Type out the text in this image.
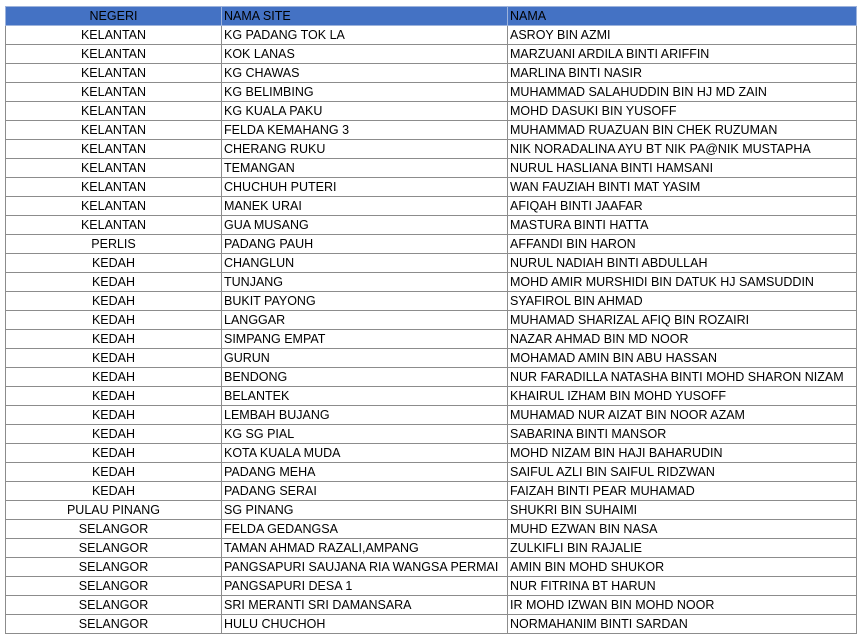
NEGERI	NAMA SITE	NAMA
KELANTAN	KG PADANG TOK LA	ASROY BIN AZMI
KELANTAN	KOK LANAS	MARZUANI ARDILA BINTI ARIFFIN
KELANTAN	KG CHAWAS	MARLINA BINTI NASIR
KELANTAN	KG BELIMBING	MUHAMMAD SALAHUDDIN BIN HJ MD ZAIN
KELANTAN	KG KUALA PAKU	MOHD DASUKI BIN YUSOFF
KELANTAN	FELDA KEMAHANG 3	MUHAMMAD RUAZUAN BIN CHEK RUZUMAN
KELANTAN	CHERANG RUKU	NIK NORADALINA AYU BT NIK PA@NIK MUSTAPHA
KELANTAN	TEMANGAN	NURUL HASLIANA BINTI HAMSANI
KELANTAN	CHUCHUH PUTERI	WAN FAUZIAH BINTI MAT YASIM
KELANTAN	MANEK URAI	AFIQAH BINTI JAAFAR
KELANTAN	GUA MUSANG	MASTURA BINTI HATTA
PERLIS	PADANG PAUH	AFFANDI BIN HARON
KEDAH	CHANGLUN	NURUL NADIAH BINTI ABDULLAH
KEDAH	TUNJANG	MOHD AMIR MURSHIDI BIN DATUK HJ SAMSUDDIN
KEDAH	BUKIT PAYONG	SYAFIROL BIN AHMAD
KEDAH	LANGGAR	MUHAMAD SHARIZAL AFIQ BIN ROZAIRI
KEDAH	SIMPANG EMPAT	NAZAR AHMAD BIN MD NOOR
KEDAH	GURUN	MOHAMAD AMIN BIN ABU HASSAN
KEDAH	BENDONG	NUR FARADILLA NATASHA BINTI MOHD SHARON NIZAM
KEDAH	BELANTEK	KHAIRUL IZHAM BIN MOHD YUSOFF
KEDAH	LEMBAH BUJANG	MUHAMAD NUR AIZAT BIN NOOR AZAM
KEDAH	KG SG PIAL	SABARINA BINTI MANSOR
KEDAH	KOTA KUALA MUDA	MOHD NIZAM BIN HAJI BAHARUDIN
KEDAH	PADANG MEHA	SAIFUL AZLI BIN SAIFUL RIDZWAN
KEDAH	PADANG SERAI	FAIZAH BINTI PEAR MUHAMAD
PULAU PINANG	SG PINANG	SHUKRI BIN SUHAIMI
SELANGOR	FELDA GEDANGSA	MUHD EZWAN BIN NASA
SELANGOR	TAMAN AHMAD RAZALI,AMPANG	ZULKIFLI BIN RAJALIE
SELANGOR	PANGSAPURI SAUJANA RIA WANGSA PERMAI	AMIN BIN MOHD SHUKOR
SELANGOR	PANGSAPURI DESA 1	NUR FITRINA BT HARUN
SELANGOR	SRI MERANTI SRI DAMANSARA	IR MOHD IZWAN BIN MOHD NOOR
SELANGOR	HULU CHUCHOH	NORMAHANIM BINTI SARDAN
